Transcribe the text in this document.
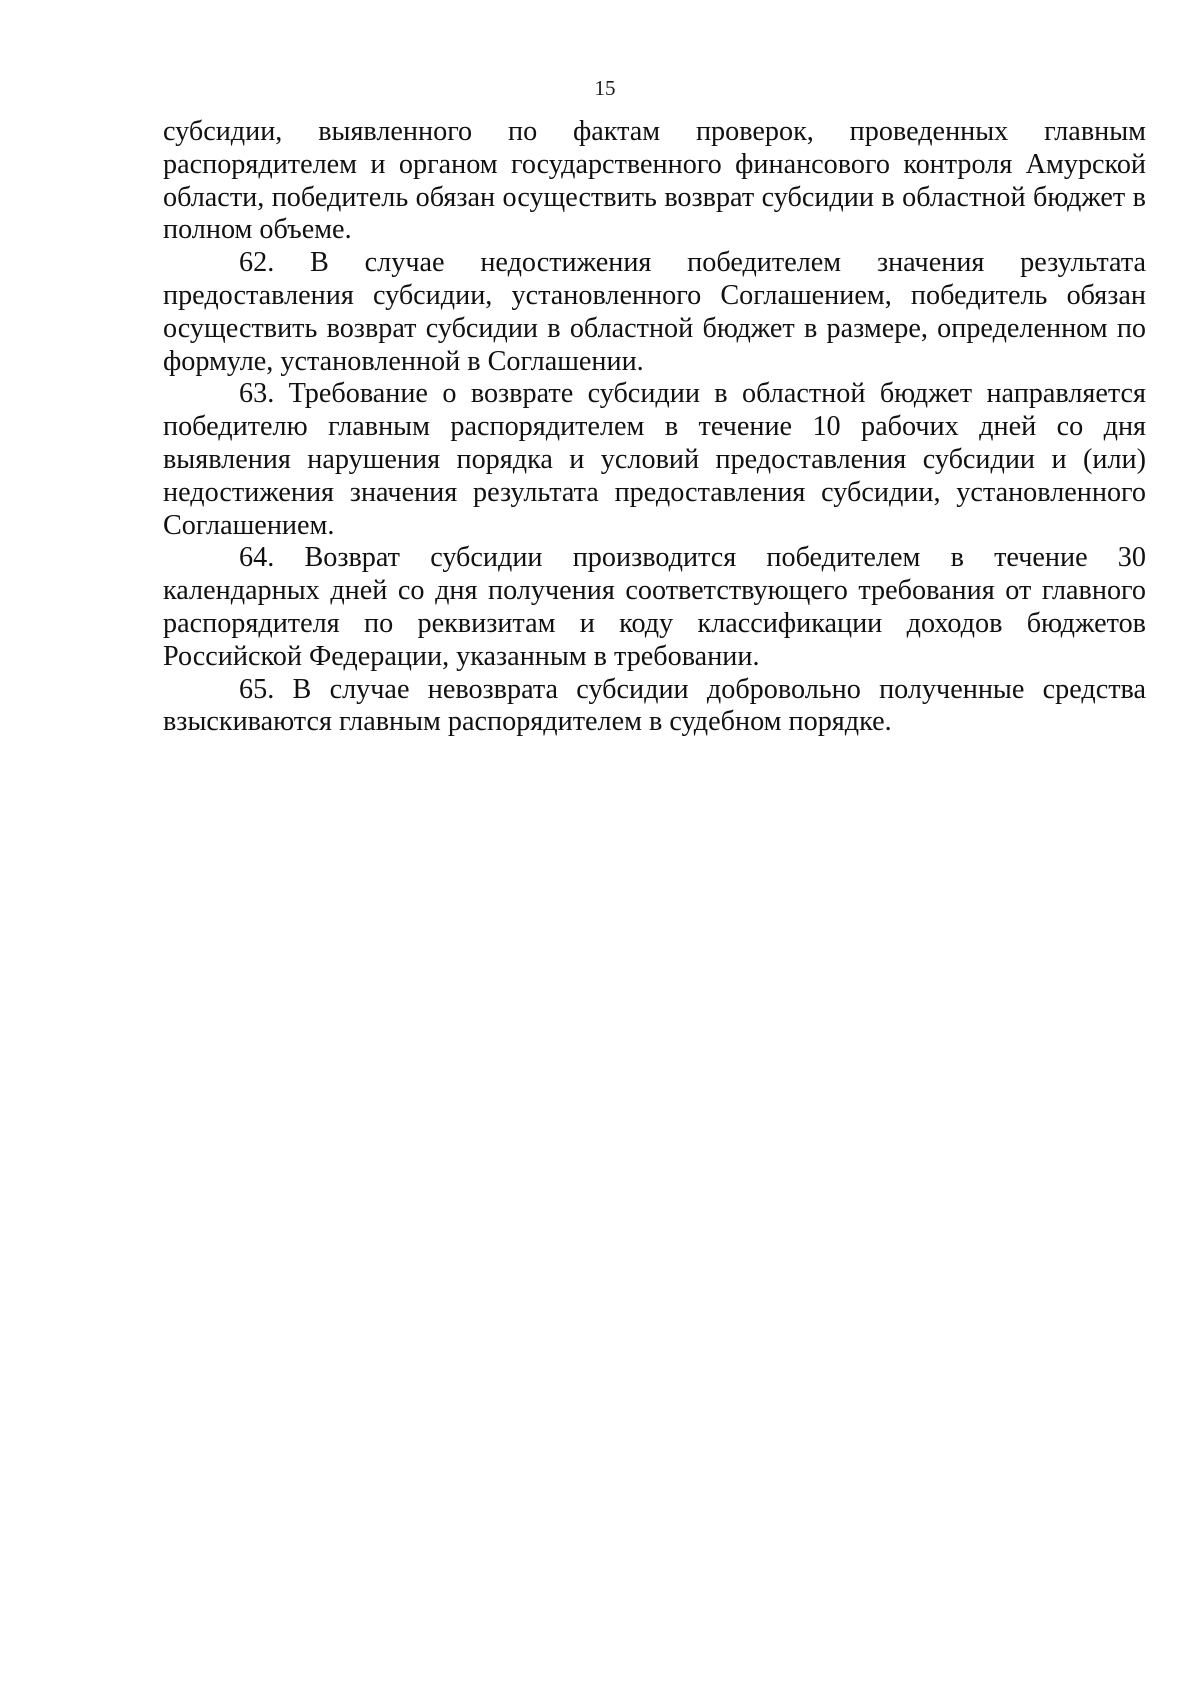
15

субсидии, выявленного по фактам проверок, проведенных главным распорядителем и органом государственного финансового контроля Амурской области, победитель обязан осуществить возврат субсидии в областной бюджет в полном объеме.

62. В случае недостижения победителем значения результата предоставления субсидии, установленного Соглашением, победитель обязан осуществить возврат субсидии в областной бюджет в размере, определенном по формуле, установленной в Соглашении.

63. Требование о возврате субсидии в областной бюджет направляется победителю главным распорядителем в течение 10 рабочих дней со дня выявления нарушения порядка и условий предоставления субсидии и (или) недостижения значения результата предоставления субсидии, установленного Соглашением.

64. Возврат субсидии производится победителем в течение 30 календарных дней со дня получения соответствующего требования от главного распорядителя по реквизитам и коду классификации доходов бюджетов Российской Федерации, указанным в требовании.

65. В случае невозврата субсидии добровольно полученные средства взыскиваются главным распорядителем в судебном порядке.
